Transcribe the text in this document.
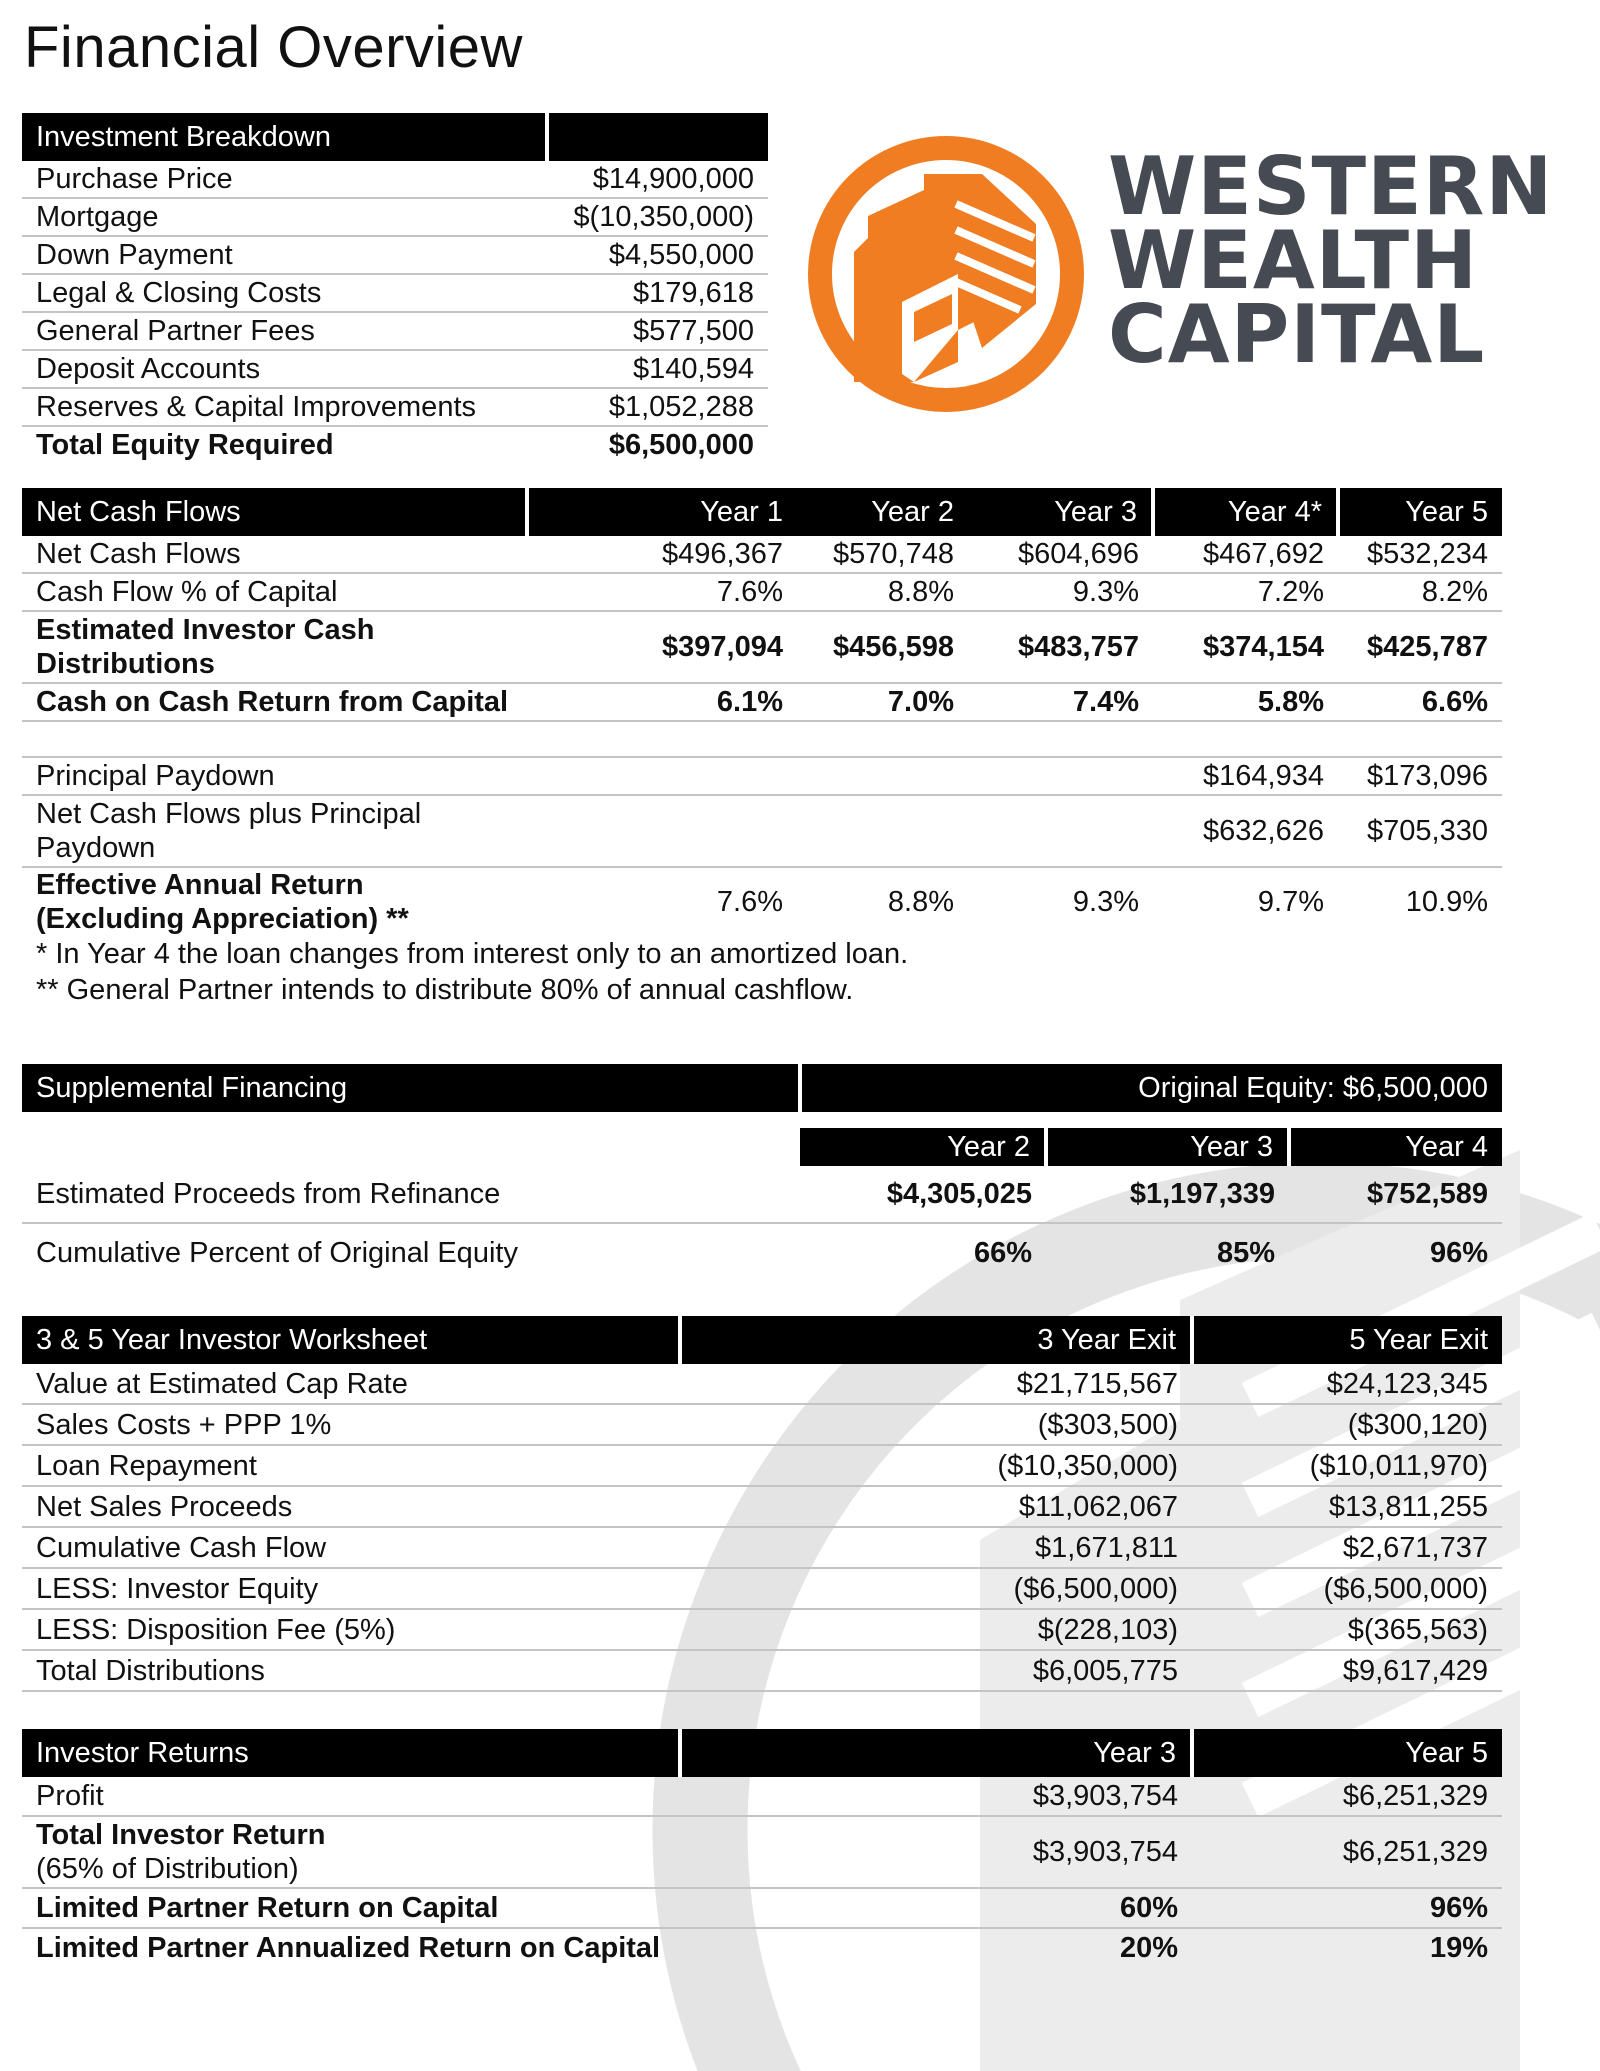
Financial Overview
Investment Breakdown	
Purchase Price	$14,900,000
Mortgage	$(10,350,000)
Down Payment	$4,550,000
Legal & Closing Costs	$179,618
General Partner Fees	$577,500
Deposit Accounts	$140,594
Reserves & Capital Improvements	$1,052,288
Total Equity Required	$6,500,000
WESTERN
WEALTH
CAPITAL
Net Cash Flows	Year 1	Year 2	Year 3	Year 4*	Year 5
Net Cash Flows	$496,367	$570,748	$604,696	$467,692	$532,234
Cash Flow % of Capital	7.6%	8.8%	9.3%	7.2%	8.2%
Estimated Investor Cash Distributions	$397,094	$456,598	$483,757	$374,154	$425,787
Cash on Cash Return from Capital	6.1%	7.0%	7.4%	5.8%	6.6%

Principal Paydown				$164,934	$173,096
Net Cash Flows plus Principal Paydown				$632,626	$705,330
Effective Annual Return (Excluding Appreciation) **	7.6%	8.8%	9.3%	9.7%	10.9%
* In Year 4 the loan changes from interest only to an amortized loan.
** General Partner intends to distribute 80% of annual cashflow.
Supplemental Financing	Original Equity: $6,500,000		

	Year 2	Year 3	Year 4
Estimated Proceeds from Refinance	$4,305,025	$1,197,339	$752,589
Cumulative Percent of Original Equity	66%	85%	96%
3 & 5 Year Investor Worksheet	3 Year Exit	5 Year Exit
Value at Estimated Cap Rate	$21,715,567	$24,123,345
Sales Costs + PPP 1%	($303,500)	($300,120)
Loan Repayment	($10,350,000)	($10,011,970)
Net Sales Proceeds	$11,062,067	$13,811,255
Cumulative Cash Flow	$1,671,811	$2,671,737
LESS: Investor Equity	($6,500,000)	($6,500,000)
LESS: Disposition Fee (5%)	$(228,103)	$(365,563)
Total Distributions	$6,005,775	$9,617,429
Investor Returns	Year 3	Year 5
Profit	$3,903,754	$6,251,329

Total Investor Return
(65% of Distribution)	$3,903,754	$6,251,329
Limited Partner Return on Capital	60%	96%
Limited Partner Annualized Return on Capital	20%	19%
